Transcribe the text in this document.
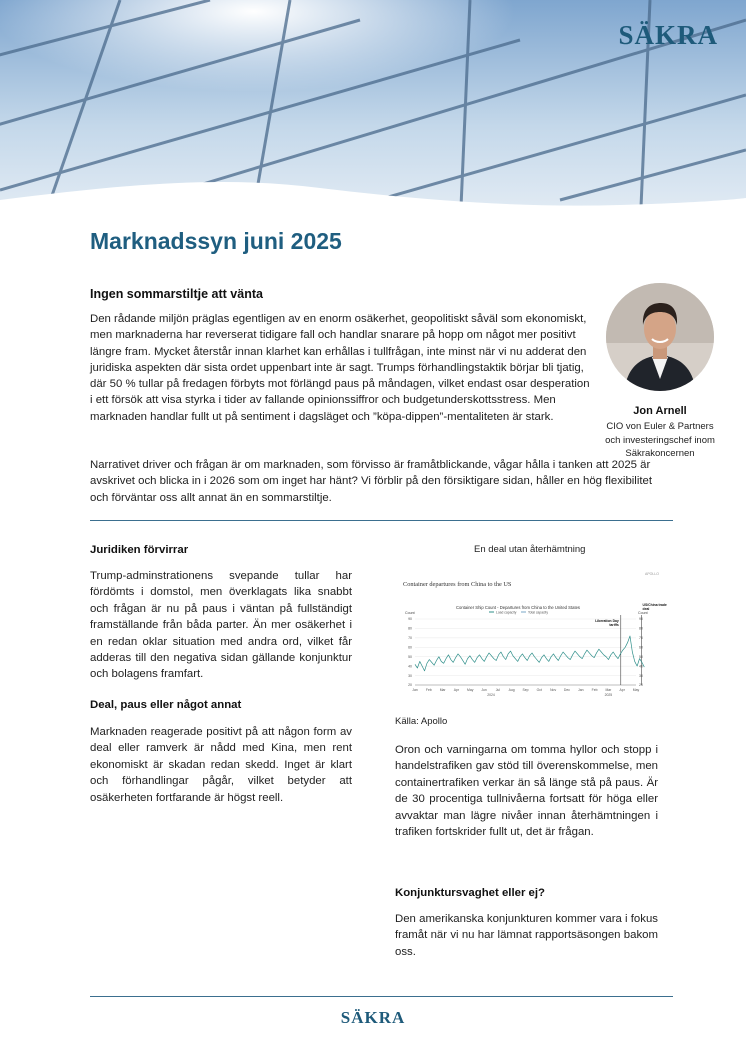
SÄKRA
Marknadssyn juni 2025
Ingen sommarstiltje att vänta

Den rådande miljön präglas egentligen av en enorm osäkerhet, geopolitiskt såväl som ekonomiskt, men marknaderna har reverserat tidigare fall och handlar snarare på hopp om något mer positivt längre fram. Mycket återstår innan klarhet kan erhållas i tullfrågan, inte minst när vi nu adderat den juridiska aspekten där sista ordet uppenbart inte är sagt. Trumps förhandlingstaktik börjar bli tjatig, där 50 % tullar på fredagen förbyts mot förlängd paus på måndagen, vilket endast osar desperation i ett försök att visa styrka i tider av fallande opinionssiffror och budgetunderskottsstress. Men marknaden handlar fullt ut på sentiment i dagsläget och ”köpa-dippen”-mentaliteten är stark.

Narrativet driver och frågan är om marknaden, som förvisso är framåtblickande, vågar hålla i tanken att 2025 är avskrivet och blicka in i 2026 som om inget har hänt? Vi förblir på den försiktigare sidan, håller en hög flexibilitet och förväntar oss allt annat än en sommarstiltje.

Jon Arnell
CIO von Euler & Partners
och investeringschef inom
Säkrakoncernen
Juridiken förvirrar

Trump-adminstrationens svepande tullar har fördömts i domstol, men överklagats lika snabbt och frågan är nu på paus i väntan på fullständigt framställande från båda parter. Än mer osäkerhet i en redan oklar situation med andra ord, vilket får adderas till den negativa sidan gällande konjunktur och bolagens framfart.

Deal, paus eller något annat

Marknaden reagerade positivt på att någon form av deal eller ramverk är nådd med Kina, men rent ekonomiskt är skadan redan skedd. Inget är klart och förhandlingar pågår, vilket betyder att osäkerheten fortfarande är högst reell.

En deal utan återhämtning
APOLLO
Container departures from China to the US
Container Ship Count - Departures from China to the United States
Count	Count
Load capacity	Total capacity
90	90
80	80
70	70
60	60
50	50
40	40
30	30
20	20
Jan Feb Mar Apr May Jun	Jul	Aug Sep Oct Nov Dec Jan Feb Mar Apr May
2024	2025
Liberation Day tariffs
US/China trade deal
Källa: Apollo

Oron och varningarna om tomma hyllor och stopp i handelstrafiken gav stöd till överenskommelse, men containertrafiken verkar än så länge stå på paus. Är de 30 procentiga tullnivåerna fortsatt för höga eller avvaktar man lägre nivåer innan återhämtningen i trafiken fortskrider fullt ut, det är frågan.

Konjunktursvaghet eller ej?

Den amerikanska konjunkturen kommer vara i fokus framåt när vi nu har lämnat rapportsäsongen bakom oss.

SÄKRA
